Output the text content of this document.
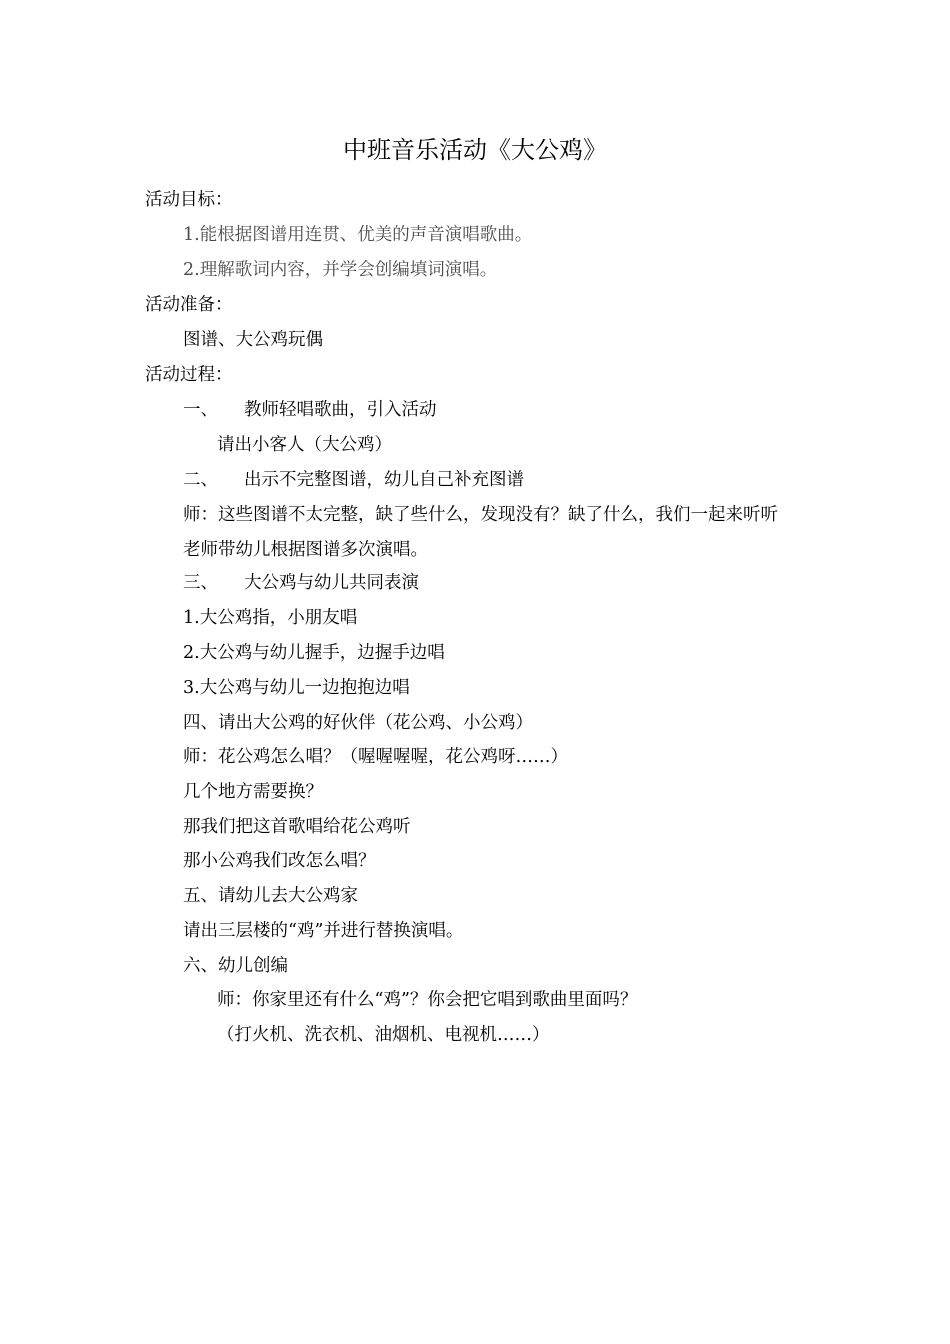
中班音乐活动《大公鸡》
活动目标：
1.能根据图谱用连贯、优美的声音演唱歌曲。
2.理解歌词内容，并学会创编填词演唱。
活动准备：
图谱、大公鸡玩偶
活动过程：
一、 教师轻唱歌曲，引入活动
请出小客人（大公鸡）
二、 出示不完整图谱，幼儿自己补充图谱
师：这些图谱不太完整，缺了些什么，发现没有？缺了什么，我们一起来听听
老师带幼儿根据图谱多次演唱。
三、 大公鸡与幼儿共同表演
1.大公鸡指，小朋友唱
2.大公鸡与幼儿握手，边握手边唱
3.大公鸡与幼儿一边抱抱边唱
四、请出大公鸡的好伙伴（花公鸡、小公鸡）
师：花公鸡怎么唱？（喔喔喔喔，花公鸡呀……）
几个地方需要换？
那我们把这首歌唱给花公鸡听
那小公鸡我们改怎么唱？
五、请幼儿去大公鸡家
请出三层楼的“鸡”并进行替换演唱。
六、幼儿创编
师：你家里还有什么“鸡”？你会把它唱到歌曲里面吗？
（打火机、洗衣机、油烟机、电视机……）
